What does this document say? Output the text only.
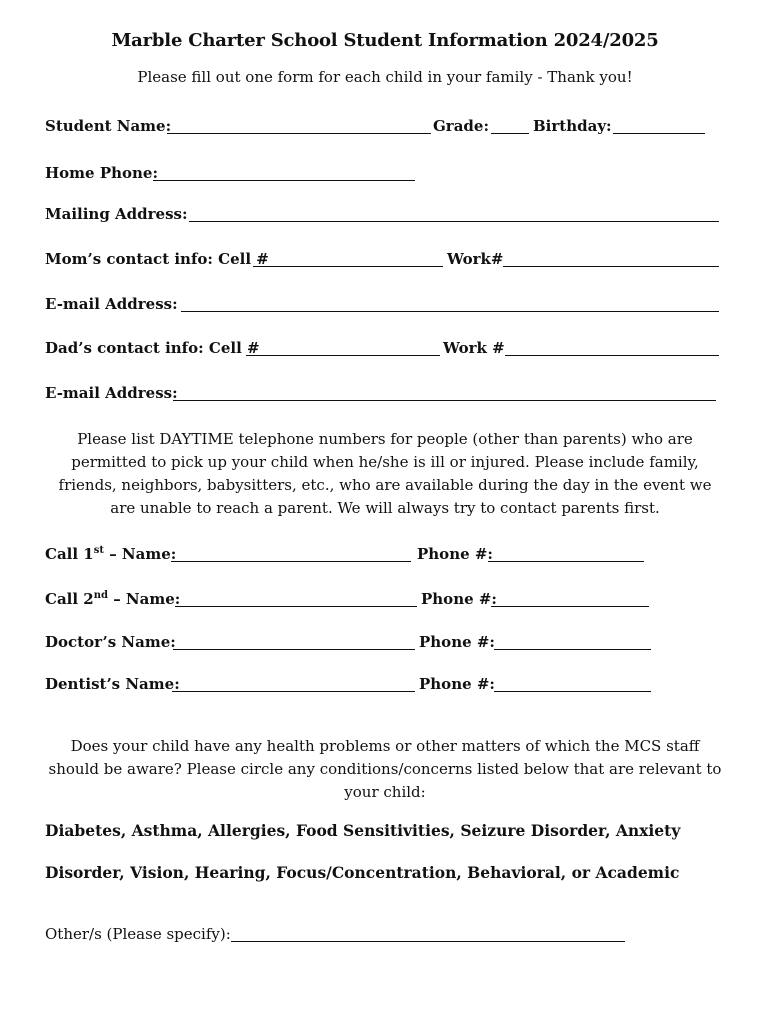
Marble Charter School Student Information 2024/2025
Please fill out one form for each child in your family - Thank you!
Student Name:	Grade:	Birthday:
Home Phone:
Mailing Address:
Mom’s contact info: Cell #	Work#
E-mail Address:
Dad’s contact info: Cell #	Work #
E-mail Address:
Please list DAYTIME telephone numbers for people (other than parents) who are permitted to pick up your child when he/she is ill or injured. Please include family, friends, neighbors, babysitters, etc., who are available during the day in the event we are unable to reach a parent. We will always try to contact parents first.
Call 1st – Name:	Phone #:
Call 2nd – Name:	Phone #:
Doctor’s Name:	Phone #:
Dentist’s Name:	Phone #:
Does your child have any health problems or other matters of which the MCS staff should be aware? Please circle any conditions/concerns listed below that are relevant to your child:
Diabetes, Asthma, Allergies, Food Sensitivities, Seizure Disorder, Anxiety
Disorder, Vision, Hearing, Focus/Concentration, Behavioral, or Academic
Other/s (Please specify):
